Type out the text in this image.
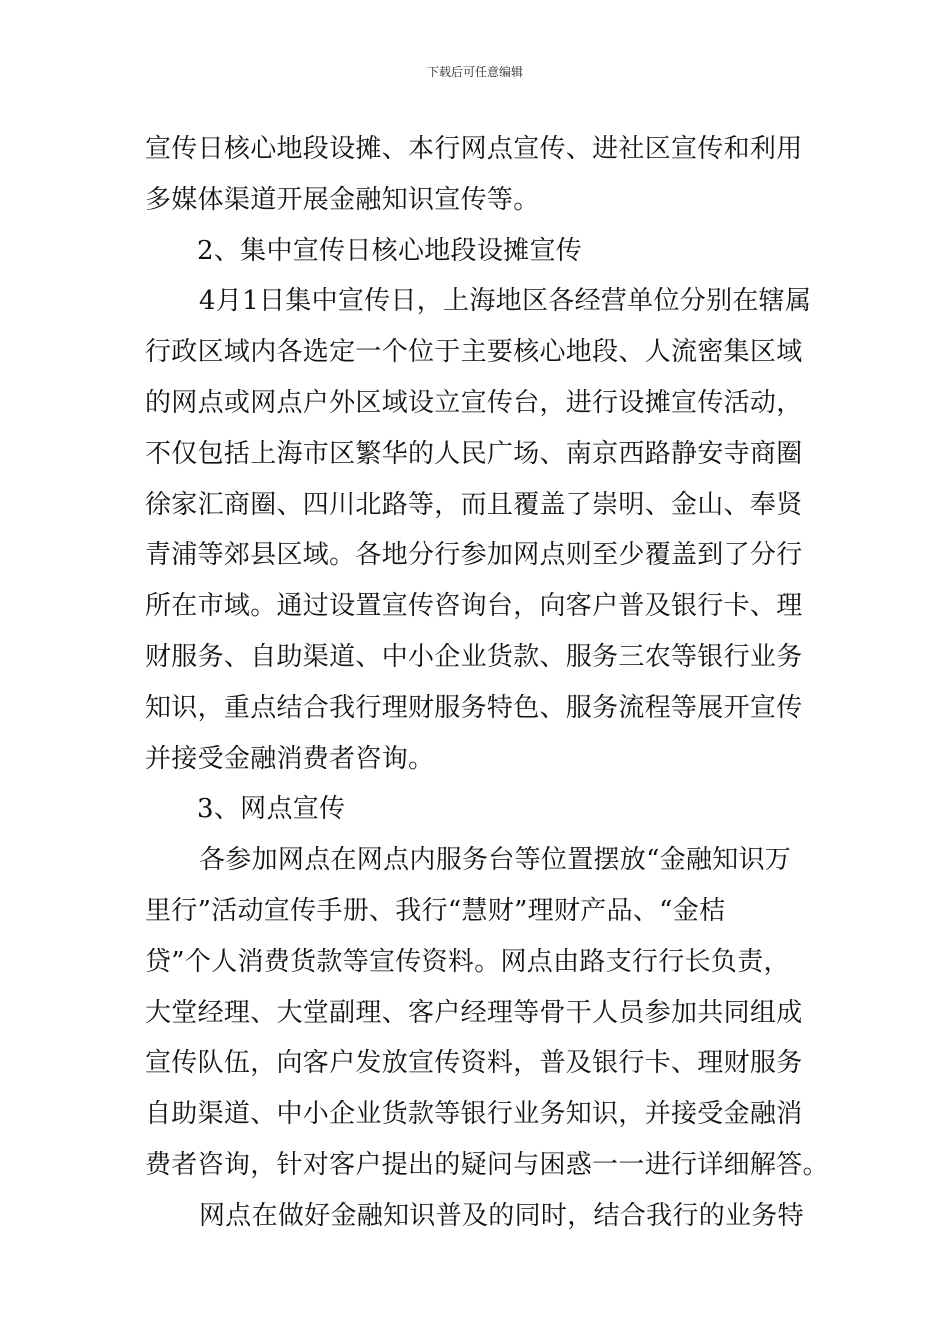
下载后可任意编辑
宣传日核心地段设摊、本行网点宣传、进社区宣传和利用
多媒体渠道开展金融知识宣传等。
2、集中宣传日核心地段设摊宣传
4月1日集中宣传日，上海地区各经营单位分别在辖属
行政区域内各选定一个位于主要核心地段、人流密集区域
的网点或网点户外区域设立宣传台，进行设摊宣传活动，
不仅包括上海市区繁华的人民广场、南京西路静安寺商圈
徐家汇商圈、四川北路等，而且覆盖了崇明、金山、奉贤
青浦等郊县区域。各地分行参加网点则至少覆盖到了分行
所在市域。通过设置宣传咨询台，向客户普及银行卡、理
财服务、自助渠道、中小企业货款、服务三农等银行业务
知识，重点结合我行理财服务特色、服务流程等展开宣传
并接受金融消费者咨询。
3、网点宣传
各参加网点在网点内服务台等位置摆放“金融知识万
里行”活动宣传手册、我行“慧财”理财产品、“金桔
贷”个人消费货款等宣传资料。网点由路支行行长负责，
大堂经理、大堂副理、客户经理等骨干人员参加共同组成
宣传队伍，向客户发放宣传资料，普及银行卡、理财服务
自助渠道、中小企业货款等银行业务知识，并接受金融消
费者咨询，针对客户提出的疑问与困惑一一进行详细解答。
网点在做好金融知识普及的同时，结合我行的业务特
